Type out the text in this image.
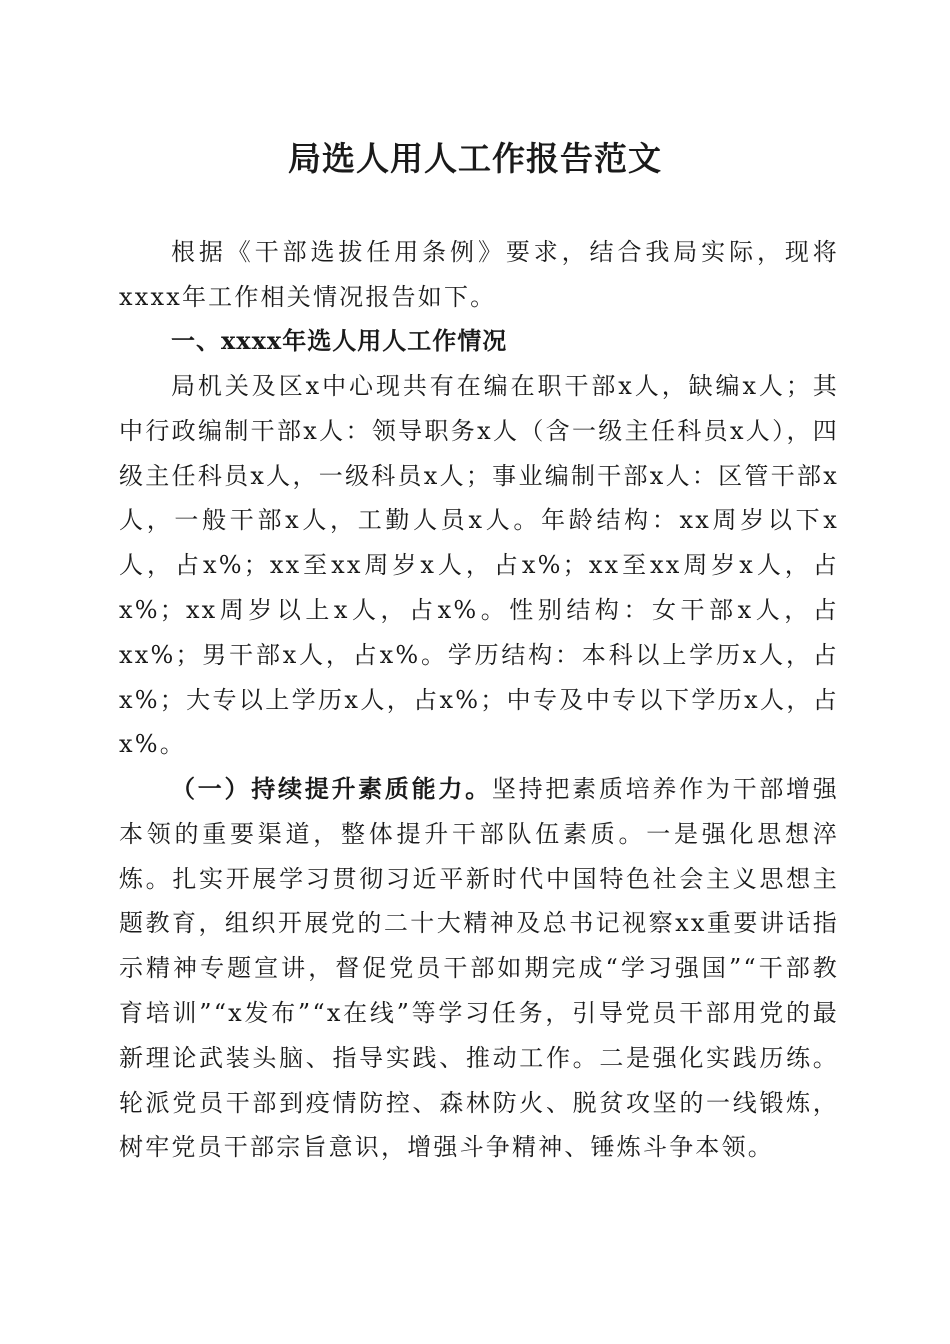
局选人用人工作报告范文

根据《干部选拔任用条例》要求，结合我局实际，现将xxxx年工作相关情况报告如下。

一、xxxx年选人用人工作情况

局机关及区x中心现共有在编在职干部x人，缺编x人；其中行政编制干部x人：领导职务x人（含一级主任科员x人），四级主任科员x人，一级科员x人；事业编制干部x人：区管干部x人，一般干部x人，工勤人员x人。年龄结构：xx周岁以下x人，占x%；xx至xx周岁x人，占x%；xx至xx周岁x人，占x%；xx周岁以上x人，占x%。性别结构：女干部x人，占xx%；男干部x人，占x%。学历结构：本科以上学历x人，占x%；大专以上学历x人，占x%；中专及中专以下学历x人，占x%。

（一）持续提升素质能力。坚持把素质培养作为干部增强本领的重要渠道，整体提升干部队伍素质。一是强化思想淬炼。扎实开展学习贯彻习近平新时代中国特色社会主义思想主题教育，组织开展党的二十大精神及总书记视察xx重要讲话指示精神专题宣讲，督促党员干部如期完成“学习强国”“干部教育培训”“x发布”“x在线”等学习任务，引导党员干部用党的最新理论武装头脑、指导实践、推动工作。二是强化实践历练。轮派党员干部到疫情防控、森林防火、脱贫攻坚的一线锻炼，树牢党员干部宗旨意识，增强斗争精神、锤炼斗争本领。
